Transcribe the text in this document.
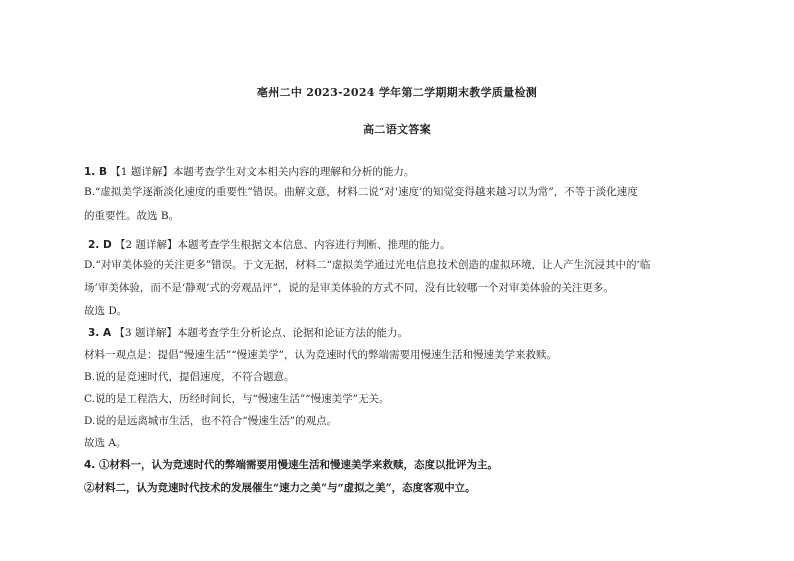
亳州二中 2023-2024 学年第二学期期末教学质量检测
高二语文答案
1. B 【1 题详解】本题考查学生对文本相关内容的理解和分析的能力。
B.“虚拟美学逐渐淡化速度的重要性”错误。曲解文意，材料二说“对‘速度’的知觉变得越来越习以为常”，不等于淡化速度
的重要性。故选 B。
2. D 【2 题详解】本题考查学生根据文本信息、内容进行判断、推理的能力。
D.“对审美体验的关注更多”错误。于文无据，材料二“虚拟美学通过光电信息技术创造的虚拟环境，让人产生沉浸其中的‘临
场’审美体验，而不是‘静观’式的旁观品评”，说的是审美体验的方式不同，没有比较哪一个对审美体验的关注更多。
故选 D。
3. A 【3 题详解】本题考查学生分析论点、论据和论证方法的能力。
材料一观点是：提倡“慢速生活”“慢速美学”，认为竞速时代的弊端需要用慢速生活和慢速美学来救赎。
B.说的是竞速时代，提倡速度，不符合题意。
C.说的是工程浩大，历经时间长，与“慢速生活”“慢速美学”无关。
D.说的是远离城市生活，也不符合“慢速生活”的观点。
故选 A。
4. ①材料一，认为竞速时代的弊端需要用慢速生活和慢速美学来救赎，态度以批评为主。
②材料二，认为竞速时代技术的发展催生“速力之美”与“虚拟之美”，态度客观中立。
